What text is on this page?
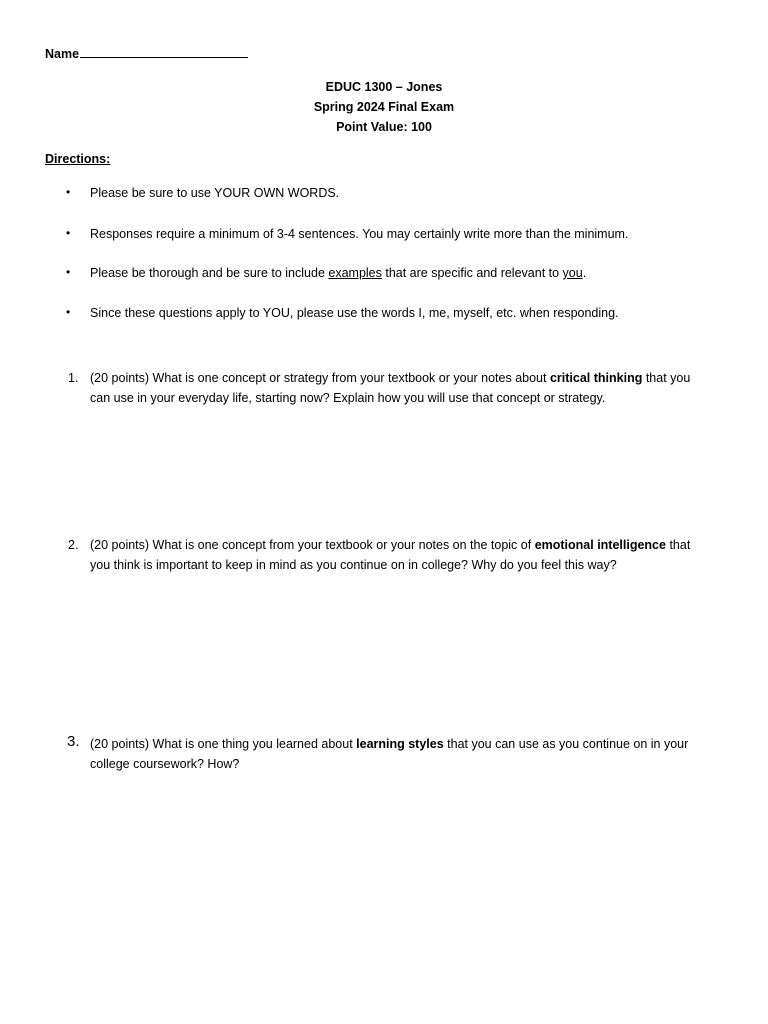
Name
EDUC 1300 – Jones
Spring 2024 Final Exam
Point Value: 100
Directions:
• Please be sure to use YOUR OWN WORDS.
• Responses require a minimum of 3-4 sentences. You may certainly write more than the minimum.
• Please be thorough and be sure to include examples that are specific and relevant to you.
• Since these questions apply to YOU, please use the words I, me, myself, etc. when responding.
1. (20 points) What is one concept or strategy from your textbook or your notes about critical thinking that you can use in your everyday life, starting now? Explain how you will use that concept or strategy.
2. (20 points) What is one concept from your textbook or your notes on the topic of emotional intelligence that you think is important to keep in mind as you continue on in college? Why do you feel this way?
3. (20 points) What is one thing you learned about learning styles that you can use as you continue on in your college coursework? How?
